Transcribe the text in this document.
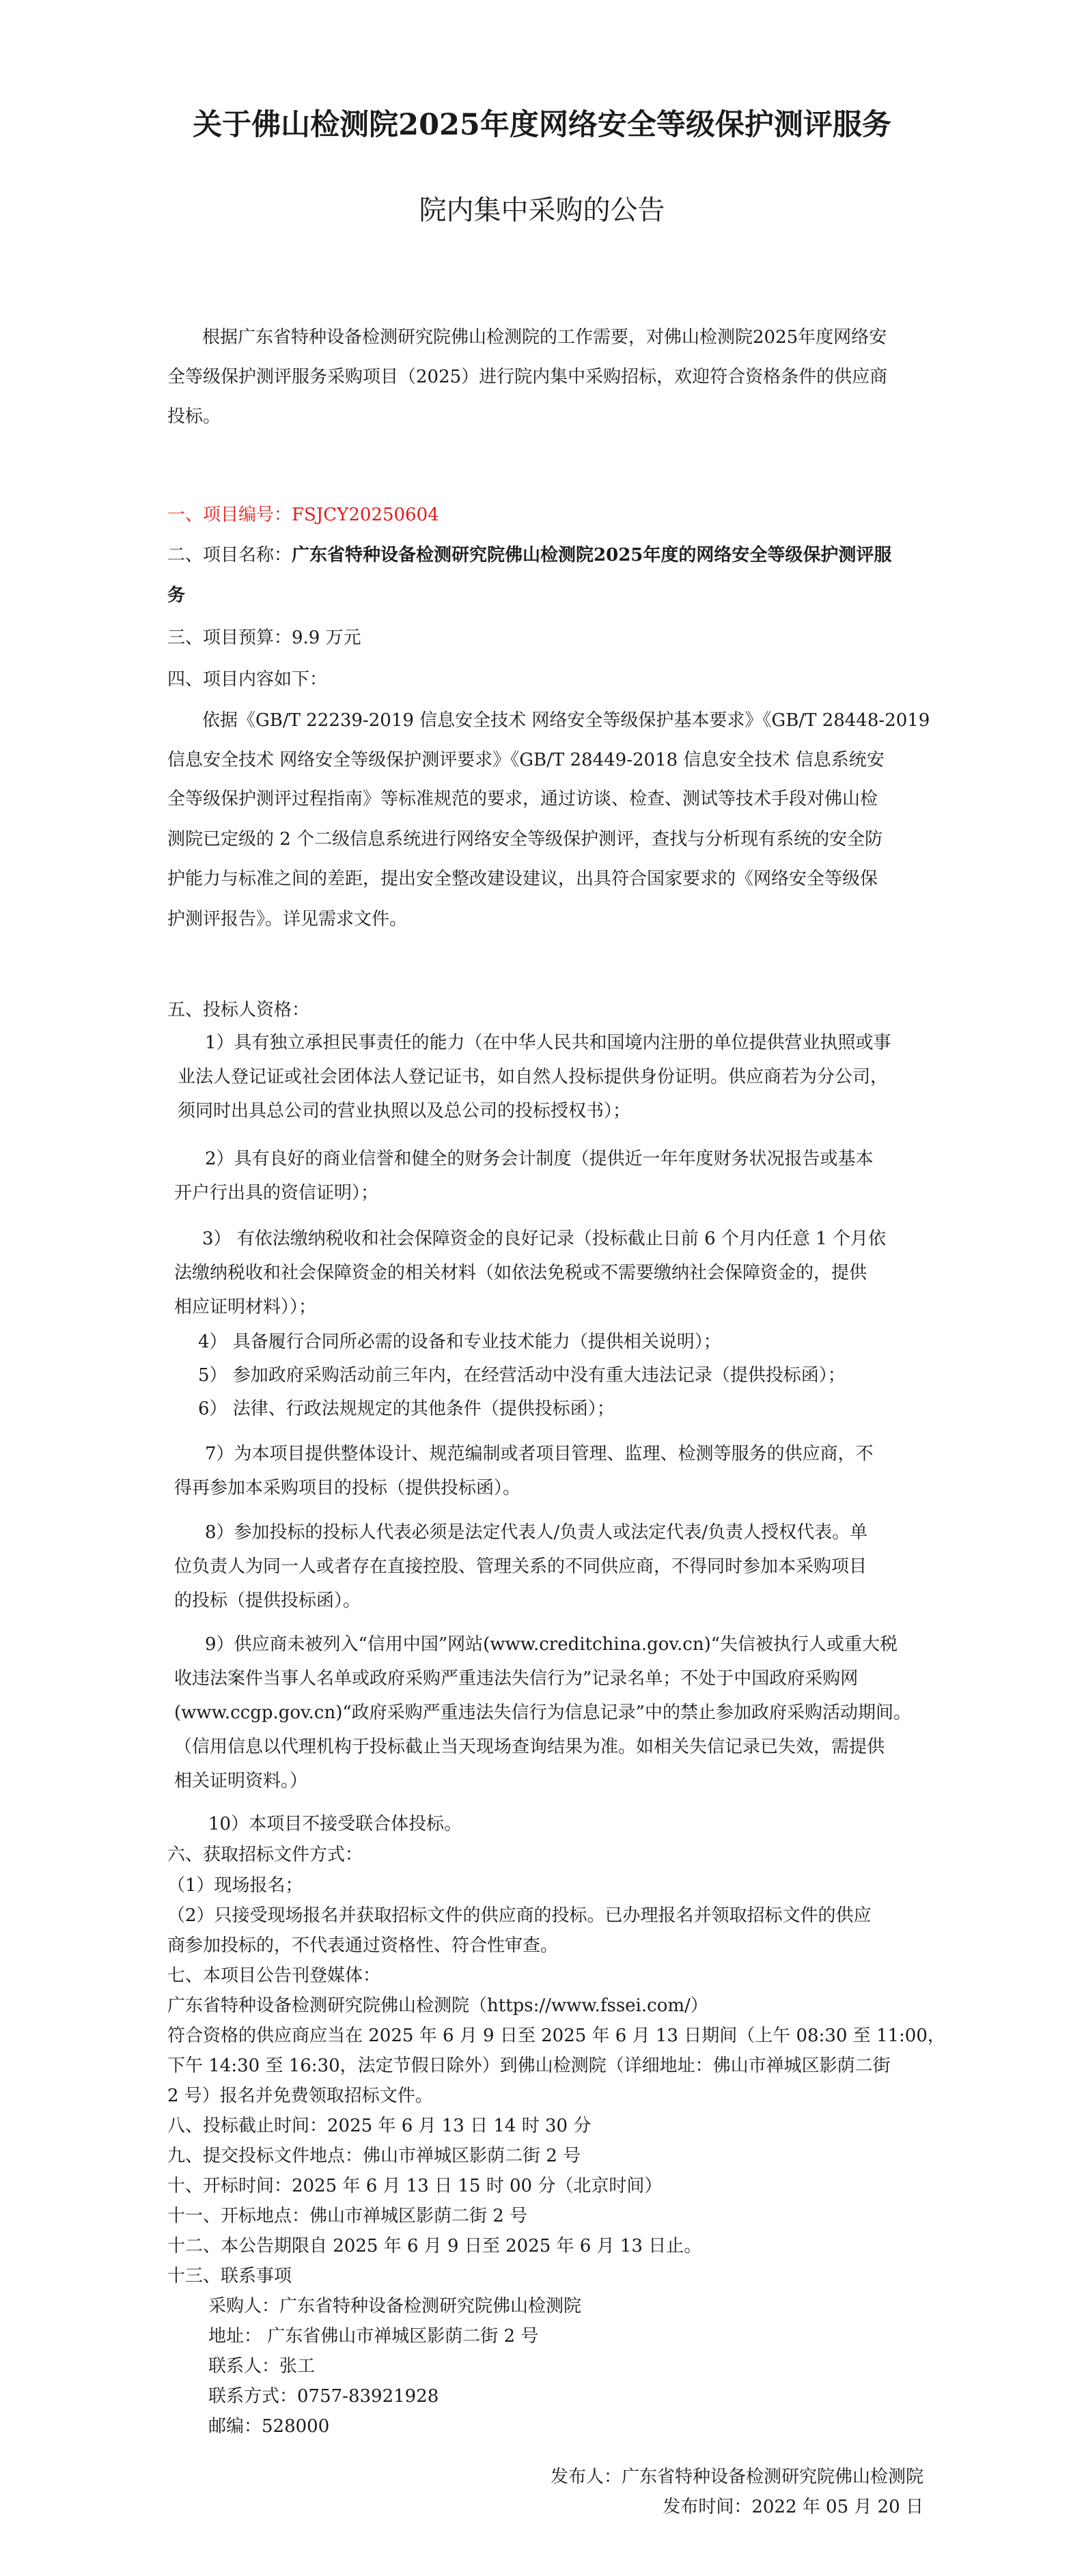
关于佛山检测院2025年度网络安全等级保护测评服务
院内集中采购的公告
根据广东省特种设备检测研究院佛山检测院的工作需要，对佛山检测院2025年度网络安
全等级保护测评服务采购项目（2025）进行院内集中采购招标，欢迎符合资格条件的供应商
投标。
一、项目编号：FSJCY20250604
二、项目名称：广东省特种设备检测研究院佛山检测院2025年度的网络安全等级保护测评服
务
三、项目预算：9.9 万元
四、项目内容如下：
依据《GB/T 22239-2019 信息安全技术 网络安全等级保护基本要求》《GB/T 28448-2019
信息安全技术 网络安全等级保护测评要求》《GB/T 28449-2018 信息安全技术 信息系统安
全等级保护测评过程指南》等标准规范的要求，通过访谈、检查、测试等技术手段对佛山检
测院已定级的 2 个二级信息系统进行网络安全等级保护测评，查找与分析现有系统的安全防
护能力与标准之间的差距，提出安全整改建设建议，出具符合国家要求的《网络安全等级保
护测评报告》。详见需求文件。
五、投标人资格：
1）具有独立承担民事责任的能力（在中华人民共和国境内注册的单位提供营业执照或事
业法人登记证或社会团体法人登记证书，如自然人投标提供身份证明。供应商若为分公司，
须同时出具总公司的营业执照以及总公司的投标授权书）；
2）具有良好的商业信誉和健全的财务会计制度（提供近一年年度财务状况报告或基本
开户行出具的资信证明）；
3） 有依法缴纳税收和社会保障资金的良好记录（投标截止日前 6 个月内任意 1 个月依
法缴纳税收和社会保障资金的相关材料（如依法免税或不需要缴纳社会保障资金的，提供
相应证明材料））；
4） 具备履行合同所必需的设备和专业技术能力（提供相关说明）；
5） 参加政府采购活动前三年内，在经营活动中没有重大违法记录（提供投标函）；
6） 法律、行政法规规定的其他条件（提供投标函）；
7）为本项目提供整体设计、规范编制或者项目管理、监理、检测等服务的供应商，不
得再参加本采购项目的投标（提供投标函）。
8）参加投标的投标人代表必须是法定代表人/负责人或法定代表/负责人授权代表。单
位负责人为同一人或者存在直接控股、管理关系的不同供应商，不得同时参加本采购项目
的投标（提供投标函）。
9）供应商未被列入“信用中国”网站(www.creditchina.gov.cn)“失信被执行人或重大税
收违法案件当事人名单或政府采购严重违法失信行为”记录名单；不处于中国政府采购网
(www.ccgp.gov.cn)“政府采购严重违法失信行为信息记录”中的禁止参加政府采购活动期间。
（信用信息以代理机构于投标截止当天现场查询结果为准。如相关失信记录已失效，需提供
相关证明资料。）
10）本项目不接受联合体投标。
六、获取招标文件方式：
（1）现场报名；
（2）只接受现场报名并获取招标文件的供应商的投标。已办理报名并领取招标文件的供应
商参加投标的，不代表通过资格性、符合性审查。
七、本项目公告刊登媒体：
广东省特种设备检测研究院佛山检测院（https://www.fssei.com/）
符合资格的供应商应当在 2025 年 6 月 9 日至 2025 年 6 月 13 日期间（上午 08:30 至 11:00，
下午 14:30 至 16:30，法定节假日除外）到佛山检测院（详细地址：佛山市禅城区影荫二街
2 号）报名并免费领取招标文件。
八、投标截止时间：2025 年 6 月 13 日 14 时 30 分
九、提交投标文件地点：佛山市禅城区影荫二街 2 号
十、开标时间：2025 年 6 月 13 日 15 时 00 分（北京时间）
十一、开标地点：佛山市禅城区影荫二街 2 号
十二、本公告期限自 2025 年 6 月 9 日至 2025 年 6 月 13 日止。
十三、联系事项
采购人：广东省特种设备检测研究院佛山检测院
地址： 广东省佛山市禅城区影荫二街 2 号
联系人：张工
联系方式：0757-83921928
邮编：528000
发布人：广东省特种设备检测研究院佛山检测院
发布时间：2022 年 05 月 20 日
